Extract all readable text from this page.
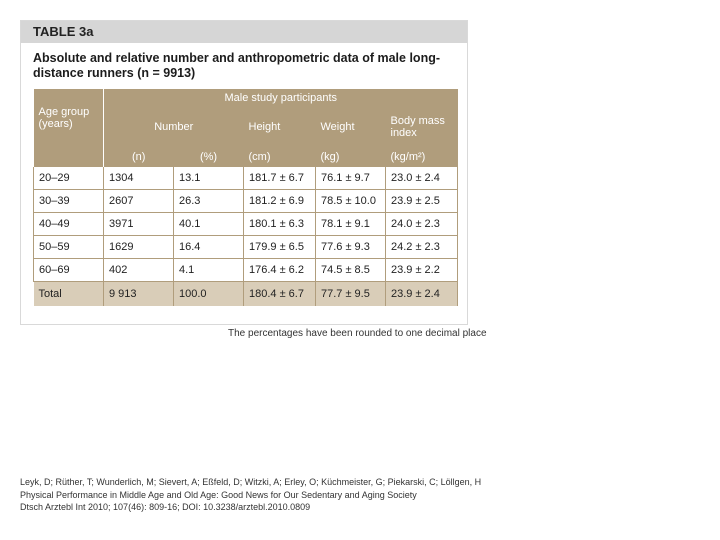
TABLE 3a
Absolute and relative number and anthropometric data of male long-distance runners (n = 9913)
Age group (years)	Male study participants				
	Number		Height	Weight	Body mass index
	(n)	(%)	(cm)	(kg)	(kg/m²)
20–29	1304	13.1	181.7 ± 6.7	76.1 ± 9.7	23.0 ± 2.4
30–39	2607	26.3	181.2 ± 6.9	78.5 ± 10.0	23.9 ± 2.5
40–49	3971	40.1	180.1 ± 6.3	78.1 ± 9.1	24.0 ± 2.3
50–59	1629	16.4	179.9 ± 6.5	77.6 ± 9.3	24.2 ± 2.3
60–69	402	4.1	176.4 ± 6.2	74.5 ± 8.5	23.9 ± 2.2
Total	9 913	100.0	180.4 ± 6.7	77.7 ± 9.5	23.9 ± 2.4
The percentages have been rounded to one decimal place
Leyk, D; Rüther, T; Wunderlich, M; Sievert, A; Eßfeld, D; Witzki, A; Erley, O; Küchmeister, G; Piekarski, C; Löllgen, H
Physical Performance in Middle Age and Old Age: Good News for Our Sedentary and Aging Society
Dtsch Arztebl Int 2010; 107(46): 809-16; DOI: 10.3238/arztebl.2010.0809
